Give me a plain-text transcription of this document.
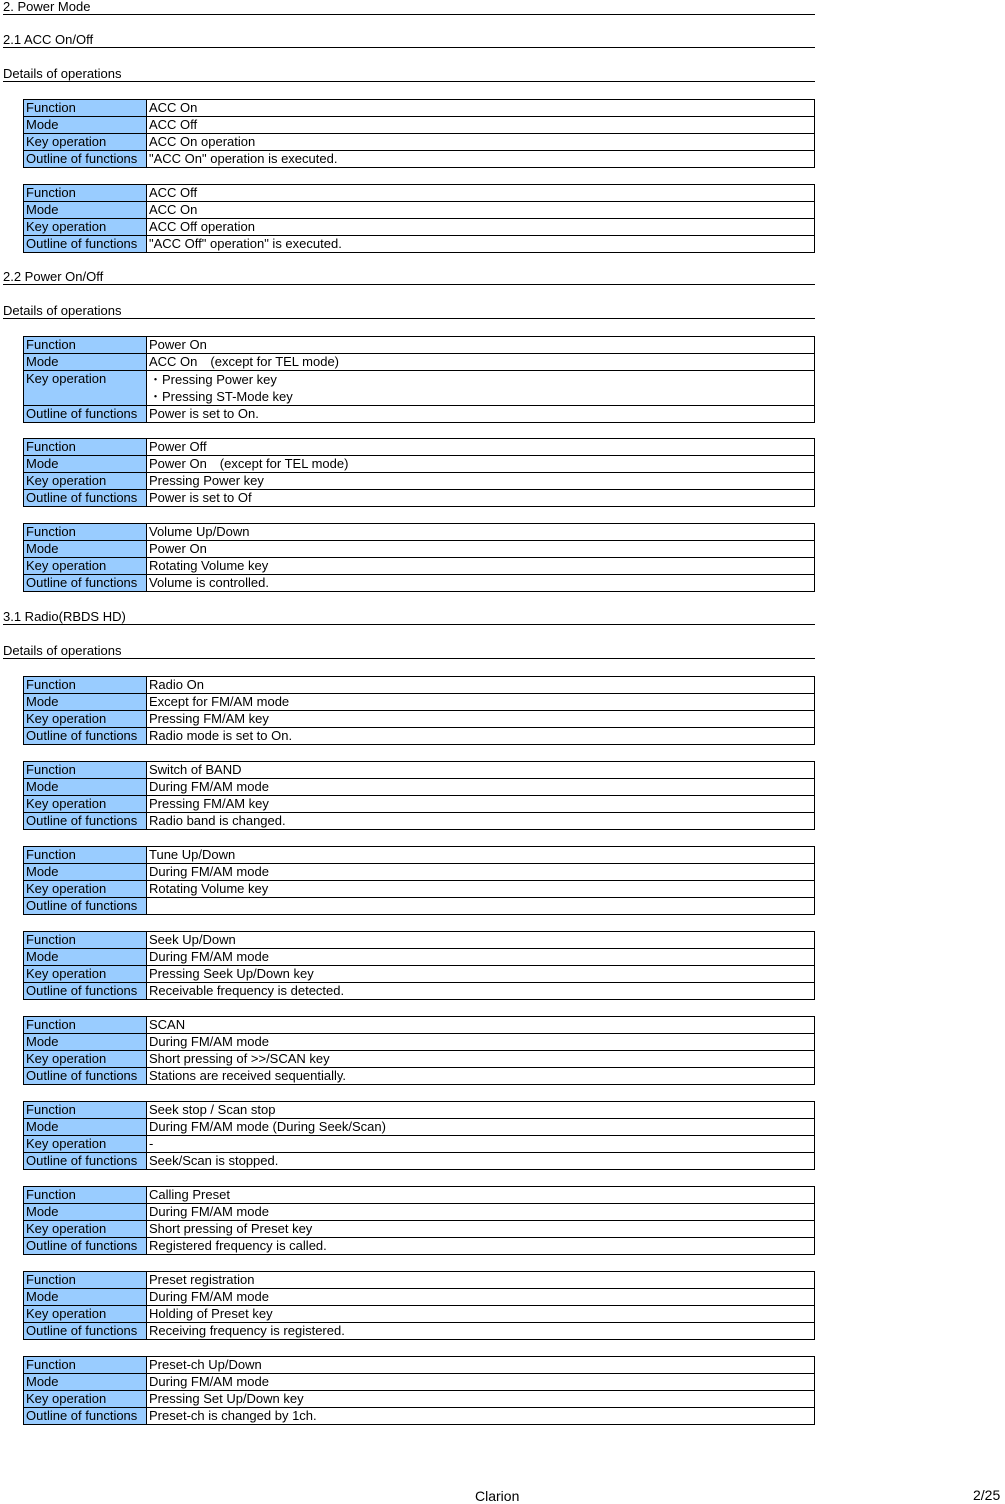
2. Power Mode
2.1 ACC On/Off
Details of operations
Function	ACC On
Mode	ACC Off
Key operation	ACC On operation
Outline of functions	"ACC On" operation is executed.
Function	ACC Off
Mode	ACC On
Key operation	ACC Off operation
Outline of functions	"ACC Off" operation" is executed.
2.2 Power On/Off
Details of operations
Function	Power On
Mode	ACC On　(except for TEL mode)
Key operation	・Pressing Power key
・Pressing ST-Mode key

Outline of functions	Power is set to On.
Function	Power Off
Mode	Power On　(except for TEL mode)
Key operation	Pressing Power key
Outline of functions	Power is set to Of
Function	Volume Up/Down
Mode	Power On
Key operation	Rotating Volume key
Outline of functions	Volume is controlled.
3.1 Radio(RBDS HD)
Details of operations
Function	Radio On
Mode	Except for FM/AM mode
Key operation	Pressing FM/AM key
Outline of functions	Radio mode is set to On.
Function	Switch of BAND
Mode	During FM/AM mode
Key operation	Pressing FM/AM key
Outline of functions	Radio band is changed.
Function	Tune Up/Down
Mode	During FM/AM mode
Key operation	Rotating Volume key
Outline of functions	
Function	Seek Up/Down
Mode	During FM/AM mode
Key operation	Pressing Seek Up/Down key
Outline of functions	Receivable frequency is detected.
Function	SCAN
Mode	During FM/AM mode
Key operation	Short pressing of >>/SCAN key
Outline of functions	Stations are received sequentially.
Function	Seek stop / Scan stop
Mode	During FM/AM mode (During Seek/Scan)
Key operation	-
Outline of functions	Seek/Scan is stopped.
Function	Calling Preset
Mode	During FM/AM mode
Key operation	Short pressing of Preset key
Outline of functions	Registered frequency is called.
Function	Preset registration
Mode	During FM/AM mode
Key operation	Holding of Preset key
Outline of functions	Receiving frequency is registered.
Function	Preset-ch Up/Down
Mode	During FM/AM mode
Key operation	Pressing Set Up/Down key
Outline of functions	Preset-ch is changed by 1ch.
Clarion	2/25
